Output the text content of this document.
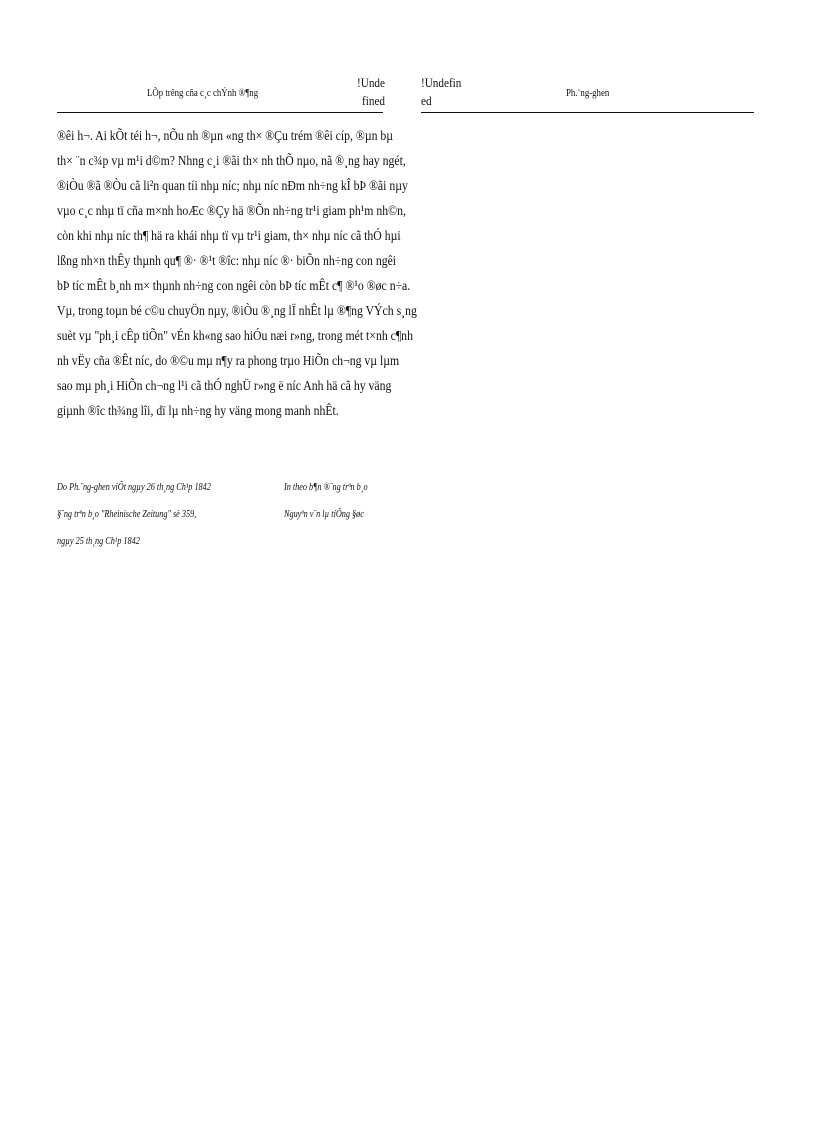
LÕp trêng cña c¸c chÝnh ®¶ng
!Undefined
!Undefined	Ph.¨ng-ghen
®êi h¬. Ai kÕt téi h¬, nÕu nh ®µn «ng th× ®Çu trém ®êi cíp, ®µn bµ
th× ¨n c¾p vµ m¹i d©m? Nhng c¸i ®ãi th× nh thÕ nµo, nã ®¸ng hay ngét,
®iÒu ®ã ®Òu cã li²n quan tíi nhµ níc; nhµ níc nÐm nh÷ng kÎ bÞ ®ãi nµy
vµo c¸c nhµ tï cña m×nh hoÆc ®Çy hä ®Õn nh÷ng tr¹i giam ph¹m nh©n,
còn khi nhµ níc th¶ hä ra khái nhµ tï vµ tr¹i giam, th× nhµ níc cã thÓ hµi
lßng nh×n thÊy thµnh qu¶ ®· ®¹t ®îc: nhµ níc ®· biÕn nh÷ng con ngêi
bÞ tíc mÊt b¸nh m× thµnh nh÷ng con ngêi còn bÞ tíc mÊt c¶ ®¹o ®øc n÷a.
Vµ, trong toµn bé c©u chuyÖn nµy, ®iÒu ®¸ng lÏ nhÊt lµ ®¶ng VÝch s¸ng
suèt vµ "ph¸i cÊp tiÕn" vÉn kh«ng sao hiÓu næi r»ng, trong mét t×nh c¶nh
nh vËy cña ®Êt níc, do ®©u mµ n¶y ra phong trµo HiÕn ch¬ng vµ lµm
sao mµ ph¸i HiÕn ch¬ng l¹i cã thÓ nghÜ r»ng ë níc Anh hä cã hy väng
giµnh ®îc th¾ng lîi, dï lµ nh÷ng hy väng mong manh nhÊt.
Do Ph.¨ng-ghen viÕt ngµy 26 th¸ng Ch¹p 1842
§¨ng trªn b¸o "Rheinische Zeitung" sè 359,
ngµy 25 th¸ng Ch¹p 1842
In theo b¶n ®¨ng trªn b¸o
Nguyªn v¨n lµ tiÕng §øc
